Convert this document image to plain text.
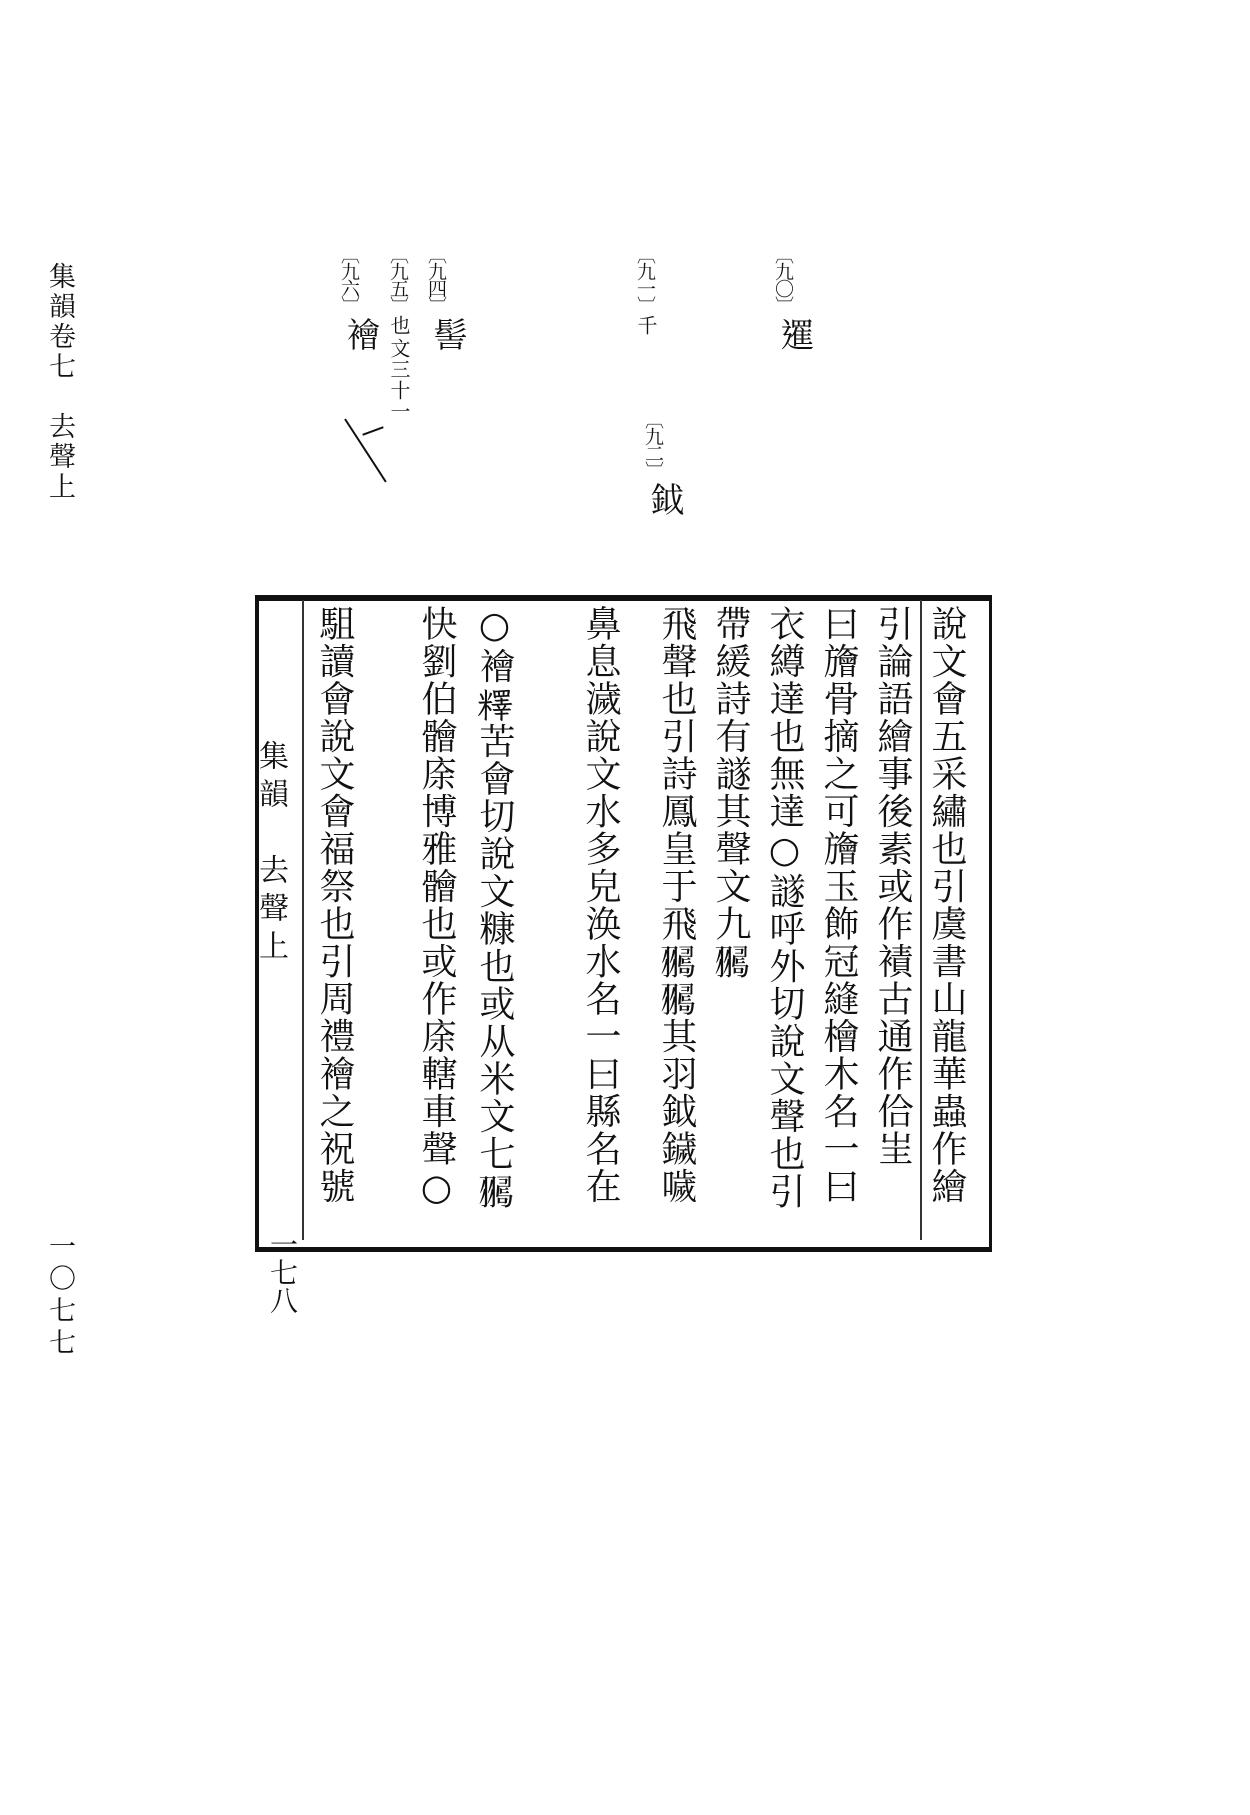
集韻卷七　去聲上
一〇七七
〔九〇〕
𨗴
〔九一〕
千
〔九二〕
鉞
〔九四〕
髻
〔九五〕
也
文三十一
〔九六〕
襘
集韻　去聲上
一七八
說文會五采繡也引虞書山龍華蟲作繪
引論語繪事後素或作襀古通作佮㞷
曰旝骨摘之可旝玉飾冠縫檜木名一曰
衣繜達也無達○譢呼外切說文聲也引
帶緩詩有譢其聲文九𦒞
飛聲也引詩鳳皇于飛𦒞𦒞其羽鉞鐬噦
鼻息濊說文水多皃涣水名一曰縣名在
○襘𥼶苦會切說文糠也或从米文七𦒞
快劉伯䯤庩博雅䯤也或作庩轄車聲○
駔讀會說文會福祭也引周禮襘之祝號
